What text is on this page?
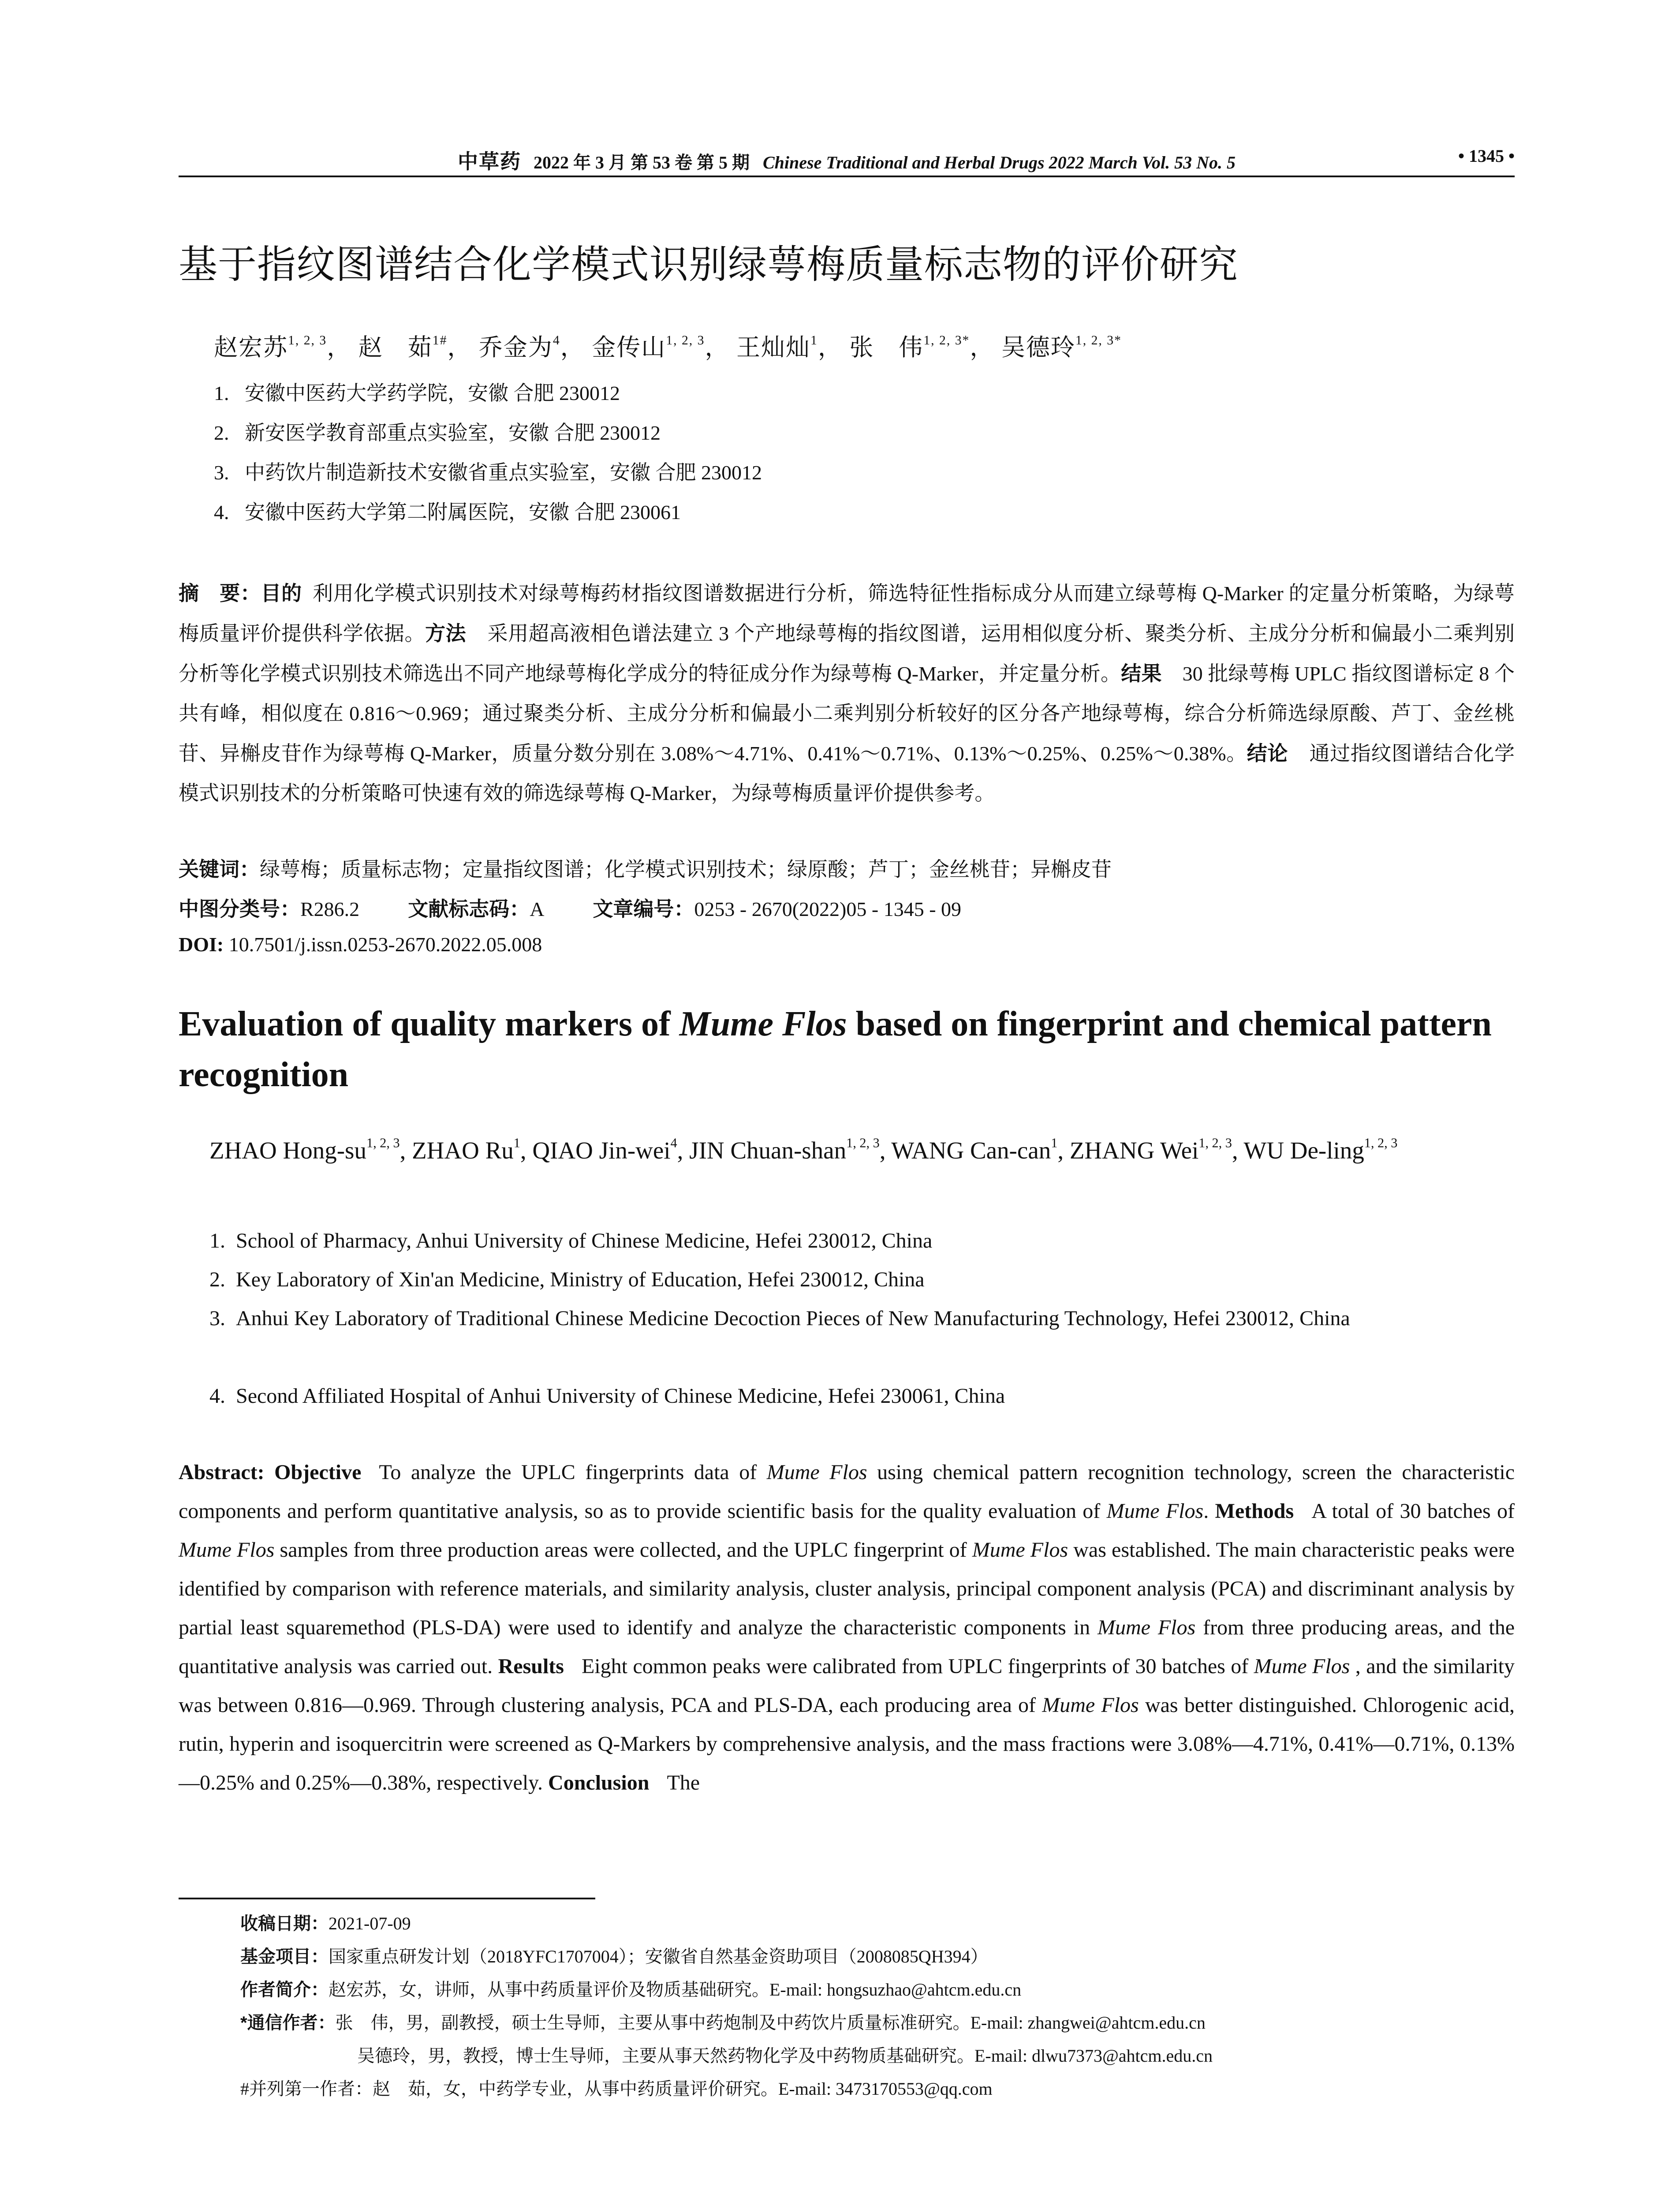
中草药 2022 年 3 月 第 53 卷 第 5 期 Chinese Traditional and Herbal Drugs 2022 March Vol. 53 No. 5	• 1345 •
基于指纹图谱结合化学模式识别绿萼梅质量标志物的评价研究
赵宏苏$^{1, 2, 3}$， 赵　茹$^{1\#}$， 乔金为$^4$， 金传山$^{1, 2, 3}$， 王灿灿$^1$， 张　伟$^{1, 2, 3*}$， 吴德玲$^{1, 2, 3*}$
1. 安徽中医药大学药学院，安徽 合肥 230012
2. 新安医学教育部重点实验室，安徽 合肥 230012
3. 中药饮片制造新技术安徽省重点实验室，安徽 合肥 230012
4. 安徽中医药大学第二附属医院，安徽 合肥 230061
摘　要：目的 利用化学模式识别技术对绿萼梅药材指纹图谱数据进行分析，筛选特征性指标成分从而建立绿萼梅 Q-Marker 的定量分析策略，为绿萼梅质量评价提供科学依据。方法 采用超高液相色谱法建立 3 个产地绿萼梅的指纹图谱，运用相似度分析、聚类分析、主成分分析和偏最小二乘判别分析等化学模式识别技术筛选出不同产地绿萼梅化学成分的特征成分作为绿萼梅 Q-Marker，并定量分析。结果 30 批绿萼梅 UPLC 指纹图谱标定 8 个共有峰，相似度在 0.816～0.969；通过聚类分析、主成分分析和偏最小二乘判别分析较好的区分各产地绿萼梅，综合分析筛选绿原酸、芦丁、金丝桃苷、异槲皮苷作为绿萼梅 Q-Marker，质量分数分别在 3.08%～4.71%、0.41%～0.71%、0.13%～0.25%、0.25%～0.38%。结论 通过指纹图谱结合化学模式识别技术的分析策略可快速有效的筛选绿萼梅 Q-Marker，为绿萼梅质量评价提供参考。
关键词：绿萼梅；质量标志物；定量指纹图谱；化学模式识别技术；绿原酸；芦丁；金丝桃苷；异槲皮苷
中图分类号：R286.2 文献标志码：A 文章编号：0253 - 2670(2022)05 - 1345 - 09
DOI: 10.7501/j.issn.0253-2670.2022.05.008
Evaluation of quality markers of Mume Flos based on fingerprint and chemical pattern recognition
ZHAO Hong-su$^{1, 2, 3}$, ZHAO Ru$^1$, QIAO Jin-wei$^4$, JIN Chuan-shan$^{1, 2, 3}$, WANG Can-can$^1$, ZHANG Wei$^{1, 2, 3}$, WU De-ling$^{1, 2, 3}$
1. School of Pharmacy, Anhui University of Chinese Medicine, Hefei 230012, China
2. Key Laboratory of Xin'an Medicine, Ministry of Education, Hefei 230012, China
3. Anhui Key Laboratory of Traditional Chinese Medicine Decoction Pieces of New Manufacturing Technology, Hefei 230012, China
4. Second Affiliated Hospital of Anhui University of Chinese Medicine, Hefei 230061, China
Abstract: Objective To analyze the UPLC fingerprints data of Mume Flos using chemical pattern recognition technology, screen the characteristic components and perform quantitative analysis, so as to provide scientific basis for the quality evaluation of Mume Flos. Methods A total of 30 batches of Mume Flos samples from three production areas were collected, and the UPLC fingerprint of Mume Flos was established. The main characteristic peaks were identified by comparison with reference materials, and similarity analysis, cluster analysis, principal component analysis (PCA) and discriminant analysis by partial least squaremethod (PLS-DA) were used to identify and analyze the characteristic components in Mume Flos from three producing areas, and the quantitative analysis was carried out. Results Eight common peaks were calibrated from UPLC fingerprints of 30 batches of Mume Flos , and the similarity was between 0.816—0.969. Through clustering analysis, PCA and PLS-DA, each producing area of Mume Flos was better distinguished. Chlorogenic acid, rutin, hyperin and isoquercitrin were screened as Q-Markers by comprehensive analysis, and the mass fractions were 3.08%—4.71%, 0.41%—0.71%, 0.13%—0.25% and 0.25%—0.38%, respectively. Conclusion The
收稿日期：2021-07-09
基金项目：国家重点研发计划（2018YFC1707004）；安徽省自然基金资助项目（2008085QH394）
作者简介：赵宏苏，女，讲师，从事中药质量评价及物质基础研究。E-mail: hongsuzhao@ahtcm.edu.cn
*通信作者：张　伟，男，副教授，硕士生导师，主要从事中药炮制及中药饮片质量标准研究。E-mail: zhangwei@ahtcm.edu.cn
吴德玲，男，教授，博士生导师，主要从事天然药物化学及中药物质基础研究。E-mail: dlwu7373@ahtcm.edu.cn
#并列第一作者：赵　茹，女，中药学专业，从事中药质量评价研究。E-mail: 3473170553@qq.com
